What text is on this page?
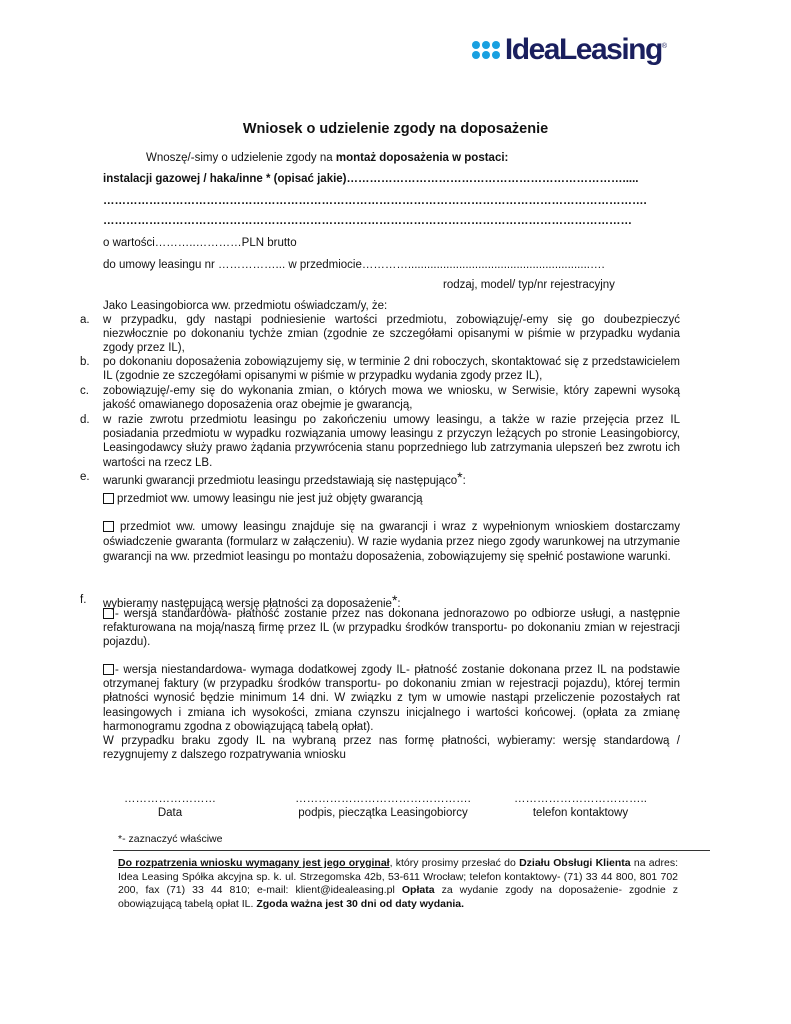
IdeaLeasing ®
Wniosek o udzielenie zgody na doposażenie
Wnoszę/-simy o udzielenie zgody na montaż doposażenia w postaci:
instalacji gazowej / haka/inne * (opisać jakie)……………………………………………………………….....
…………………………………………………………………………………………………………………………….
…………………………………………………………………………………………………………………………
o wartości………..…………PLN brutto
do umowy leasingu nr ……………... w przedmiocie………….........................................................….
rodzaj, model/ typ/nr rejestracyjny
Jako Leasingobiorca ww. przedmiotu oświadczam/y, że:
a. w przypadku, gdy nastąpi podniesienie wartości przedmiotu, zobowiązuję/-emy się go doubezpieczyć niezwłocznie po dokonaniu tychże zmian (zgodnie ze szczegółami opisanymi w piśmie w przypadku wydania zgody przez IL),
b. po dokonaniu doposażenia zobowiązujemy się, w terminie 2 dni roboczych, skontaktować się z przedstawicielem IL (zgodnie ze szczegółami opisanymi w piśmie w przypadku wydania zgody przez IL),
c. zobowiązuję/-emy się do wykonania zmian, o których mowa we wniosku, w Serwisie, który zapewni wysoką jakość omawianego doposażenia oraz obejmie je gwarancją,
d. w razie zwrotu przedmiotu leasingu po zakończeniu umowy leasingu, a także w razie przejęcia przez IL posiadania przedmiotu w wypadku rozwiązania umowy leasingu z przyczyn leżących po stronie Leasingobiorcy, Leasingodawcy służy prawo żądania przywrócenia stanu poprzedniego lub zatrzymania ulepszeń bez zwrotu ich wartości na rzecz LB.
e. warunki gwarancji przedmiotu leasingu przedstawiają się następująco*:
przedmiot ww. umowy leasingu nie jest już objęty gwarancją
przedmiot ww. umowy leasingu znajduje się na gwarancji i wraz z wypełnionym wnioskiem dostarczamy oświadczenie gwaranta (formularz w załączeniu). W razie wydania przez niego zgody warunkowej na utrzymanie gwarancji na ww. przedmiot leasingu po montażu doposażenia, zobowiązujemy się spełnić postawione warunki.
f. wybieramy następującą wersję płatności za doposażenie*:
- wersja standardowa- płatność zostanie przez nas dokonana jednorazowo po odbiorze usługi, a następnie refakturowana na moją/naszą firmę przez IL (w przypadku środków transportu- po dokonaniu zmian w rejestracji pojazdu).
- wersja niestandardowa- wymaga dodatkowej zgody IL- płatność zostanie dokonana przez IL na podstawie otrzymanej faktury (w przypadku środków transportu- po dokonaniu zmian w rejestracji pojazdu), której termin płatności wynosić będzie minimum 14 dni. W związku z tym w umowie nastąpi przeliczenie pozostałych rat leasingowych i zmiana ich wysokości, zmiana czynszu inicjalnego i wartości końcowej. (opłata za zmianę harmonogramu zgodna z obowiązującą tabelą opłat).
W przypadku braku zgody IL na wybraną przez nas formę płatności, wybieramy: wersję standardową / rezygnujemy z dalszego rozpatrywania wniosku
……………………
Data
……………………………………….
podpis, pieczątka Leasingobiorcy
……………………………..
telefon kontaktowy
*- zaznaczyć właściwe
Do rozpatrzenia wniosku wymagany jest jego oryginał, który prosimy przesłać do Działu Obsługi Klienta na adres: Idea Leasing Spółka akcyjna sp. k. ul. Strzegomska 42b, 53-611 Wrocław; telefon kontaktowy- (71) 33 44 800, 801 702 200, fax (71) 33 44 810; e-mail: klient@idealeasing.pl Opłata za wydanie zgody na doposażenie- zgodnie z obowiązującą tabelą opłat IL. Zgoda ważna jest 30 dni od daty wydania.
